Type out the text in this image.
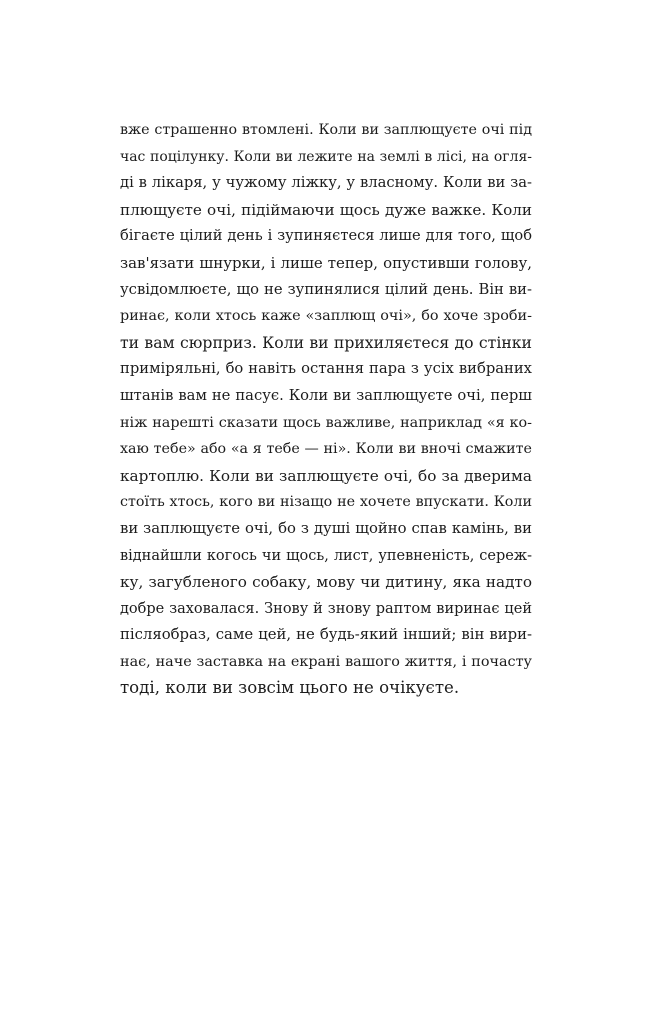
вже страшенно втомлені. Коли ви заплющуєте очі під
час поцілунку. Коли ви лежите на землі в лісі, на огля-
ді в лікаря, у чужому ліжку, у власному. Коли ви за-
плющуєте очі, підіймаючи щось дуже важке. Коли
бігаєте цілий день і зупиняєтеся лише для того, щоб
зав'язати шнурки, і лише тепер, опустивши голову,
усвідомлюєте, що не зупинялися цілий день. Він ви-
ринає, коли хтось каже «заплющ очі», бо хоче зроби-
ти вам сюрприз. Коли ви прихиляєтеся до стінки
приміряльні, бо навіть остання пара з усіх вибраних
штанів вам не пасує. Коли ви заплющуєте очі, перш
ніж нарешті сказати щось важливе, наприклад «я ко-
хаю тебе» або «а я тебе — ні». Коли ви вночі смажите
картоплю. Коли ви заплющуєте очі, бо за дверима
стоїть хтось, кого ви нізащо не хочете впускати. Коли
ви заплющуєте очі, бо з душі щойно спав камінь, ви
віднайшли когось чи щось, лист, упевненість, сереж-
ку, загубленого собаку, мову чи дитину, яка надто
добре заховалася. Знову й знову раптом виринає цей
післяобраз, саме цей, не будь-який інший; він вири-
нає, наче заставка на екрані вашого життя, і почасту
тоді, коли ви зовсім цього не очікуєте.
